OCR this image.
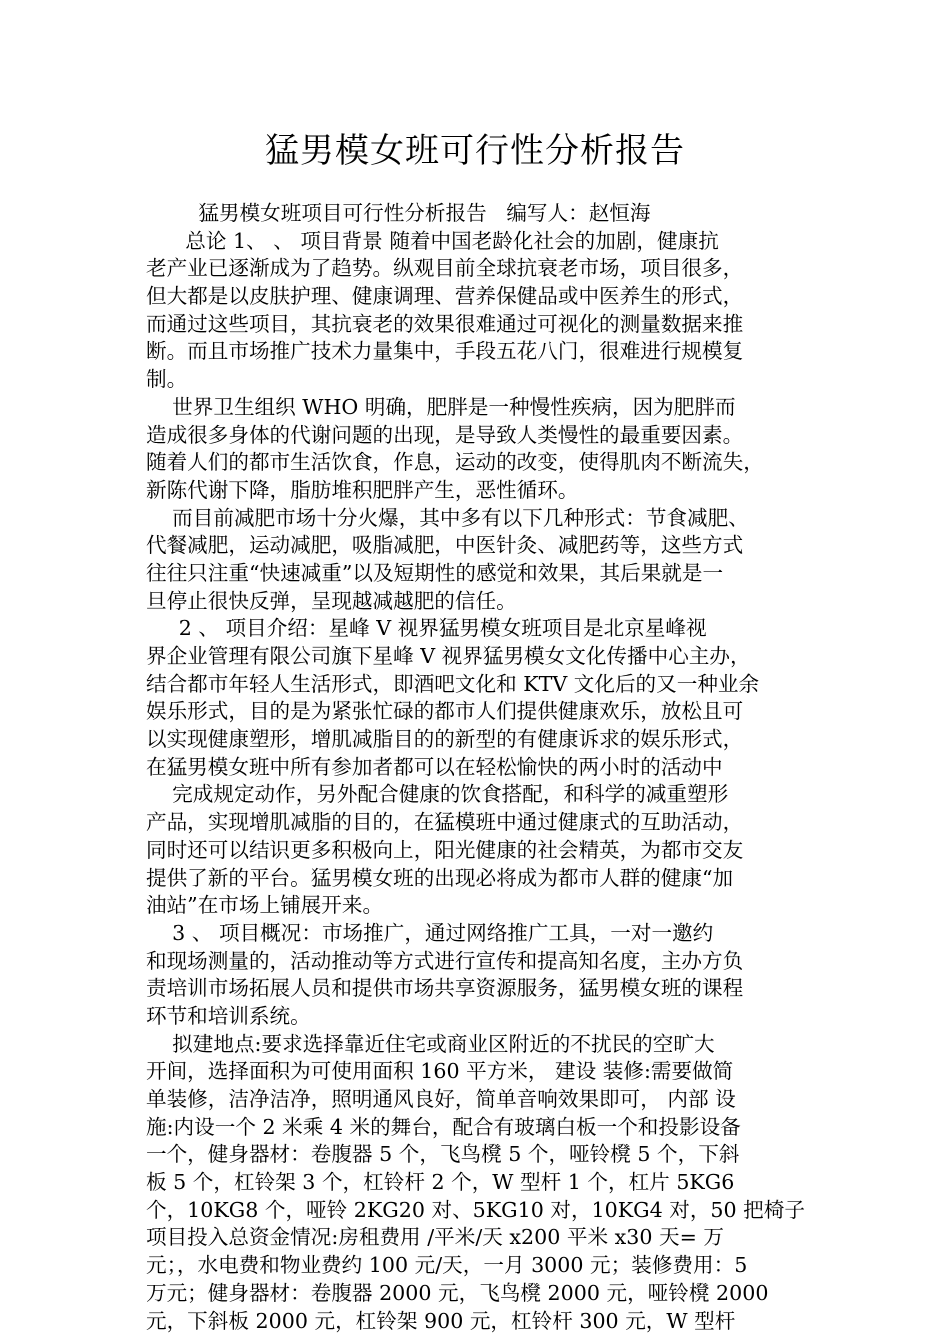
猛男模女班可行性分析报告
猛男模女班项目可行性分析报告   编写人：赵恒海
总论 1、 、 项目背景 随着中国老龄化社会的加剧，健康抗
老产业已逐渐成为了趋势。纵观目前全球抗衰老市场，项目很多，
但大都是以皮肤护理、健康调理、营养保健品或中医养生的形式，
而通过这些项目，其抗衰老的效果很难通过可视化的测量数据来推
断。而且市场推广技术力量集中，手段五花八门，很难进行规模复
制。
世界卫生组织 WHO 明确，肥胖是一种慢性疾病，因为肥胖而
造成很多身体的代谢问题的出现，是导致人类慢性的最重要因素。
随着人们的都市生活饮食，作息，运动的改变，使得肌肉不断流失，
新陈代谢下降，脂肪堆积肥胖产生，恶性循环。
而目前减肥市场十分火爆，其中多有以下几种形式：节食减肥、
代餐减肥，运动减肥，吸脂减肥，中医针灸、减肥药等，这些方式
往往只注重“快速减重”以及短期性的感觉和效果，其后果就是一
旦停止很快反弹，呈现越减越肥的信任。
2 、 项目介绍：星峰 V 视界猛男模女班项目是北京星峰视
界企业管理有限公司旗下星峰 V 视界猛男模女文化传播中心主办，
结合都市年轻人生活形式，即酒吧文化和 KTV 文化后的又一种业余
娱乐形式，目的是为紧张忙碌的都市人们提供健康欢乐，放松且可
以实现健康塑形，增肌减脂目的的新型的有健康诉求的娱乐形式，
在猛男模女班中所有参加者都可以在轻松愉快的两小时的活动中
完成规定动作，另外配合健康的饮食搭配，和科学的减重塑形
产品，实现增肌减脂的目的，在猛模班中通过健康式的互助活动，
同时还可以结识更多积极向上，阳光健康的社会精英，为都市交友
提供了新的平台。猛男模女班的出现必将成为都市人群的健康“加
油站”在市场上铺展开来。
3 、 项目概况：市场推广，通过网络推广工具，一对一邀约
和现场测量的，活动推动等方式进行宣传和提高知名度，主办方负
责培训市场拓展人员和提供市场共享资源服务，猛男模女班的课程
环节和培训系统。
拟建地点:要求选择靠近住宅或商业区附近的不扰民的空旷大
开间，选择面积为可使用面积 160 平方米， 建设 装修:需要做简
单装修，洁净洁净，照明通风良好，简单音响效果即可， 内部 设
施:内设一个 2 米乘 4 米的舞台，配合有玻璃白板一个和投影设备
一个，健身器材：卷腹器 5 个，飞鸟櫈 5 个，哑铃櫈 5 个，下斜
板 5 个，杠铃架 3 个，杠铃杆 2 个，W 型杆 1 个，杠片 5KG6
个，10KG8 个，哑铃 2KG20 对、5KG10 对，10KG4 对，50 把椅子
项目投入总资金情况:房租费用 /平米/天 x200 平米 x30 天= 万
元；，水电费和物业费约 100 元/天，一月 3000 元；装修费用：5
万元；健身器材：卷腹器 2000 元，飞鸟櫈 2000 元，哑铃櫈 2000
元，下斜板 2000 元，杠铃架 900 元，杠铃杆 300 元，W 型杆
